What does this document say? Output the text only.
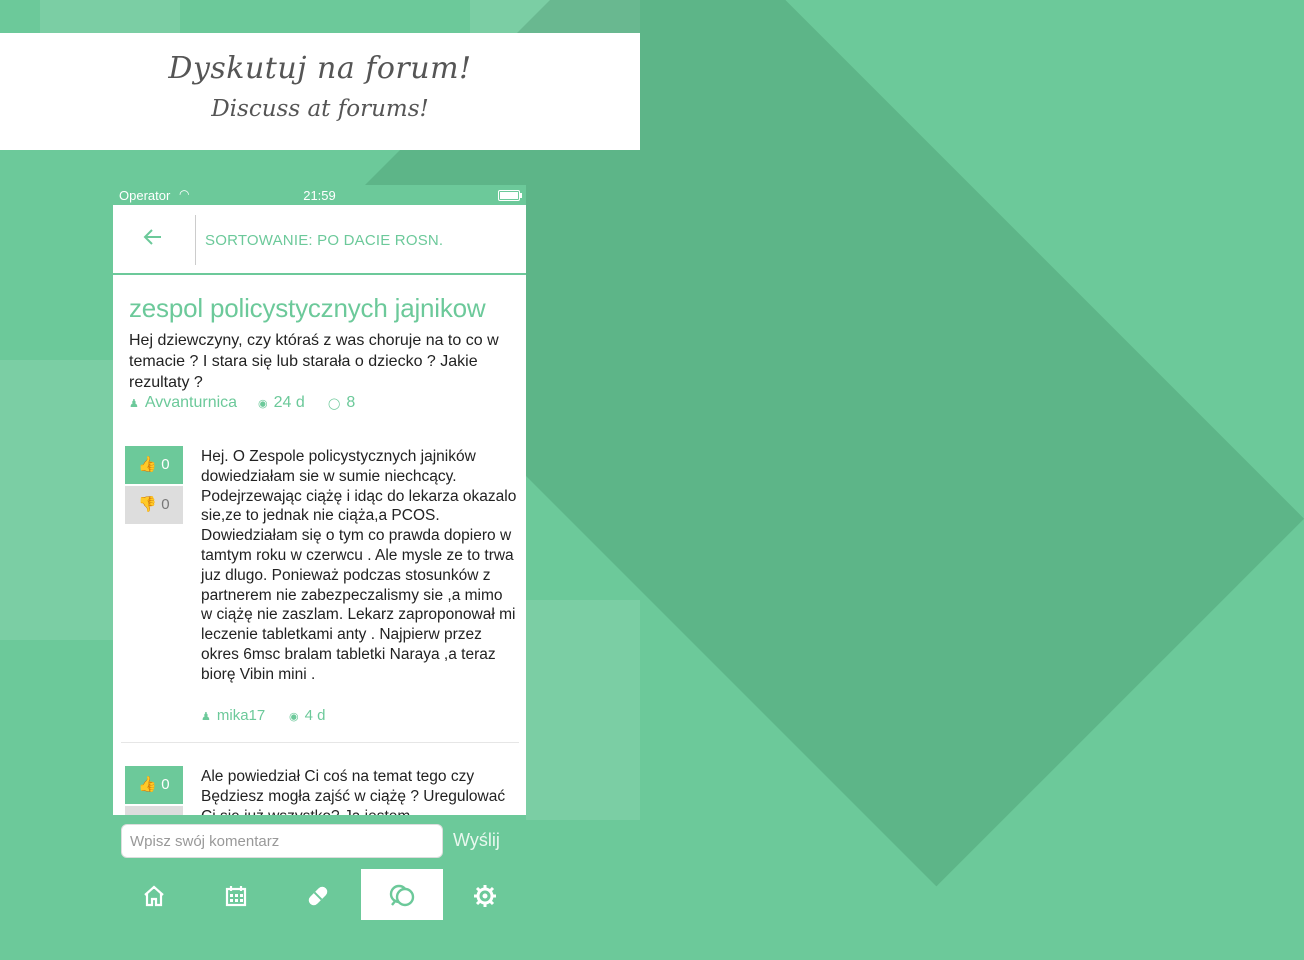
Dyskutuj na forum!
Discuss at forums!
Operator ◠	21:59
SORTOWANIE: PO DACIE ROSN.
zespol policystycznych jajnikow
Hej dziewczyny, czy któraś z was choruje na to co w temacie ? I stara się lub starała o dziecko ? Jakie rezultaty ?
♟ Avvanturnica ◉ 24 d ◯ 8
👍 0
👎 0
Hej. O Zespole policystycznych jajników dowiedziałam sie w sumie niechcący. Podejrzewając ciążę i idąc do lekarza okazalo sie,ze to jednak nie ciąża,a PCOS. Dowiedziałam się o tym co prawda dopiero w tamtym roku w czerwcu . Ale mysle ze to trwa juz dlugo. Ponieważ podczas stosunków z partnerem nie zabezpeczalismy sie ,a mimo w ciążę nie zaszlam. Lekarz zaproponował mi leczenie tabletkami anty . Najpierw przez okres 6msc bralam tabletki Naraya ,a teraz biorę Vibin mini .
♟ mika17 ◉ 4 d
👍 0	Ale powiedział Ci coś na temat tego czy Będziesz mogła zajść w ciążę ? Uregulować
Wpisz swój komentarz
Wyślij
